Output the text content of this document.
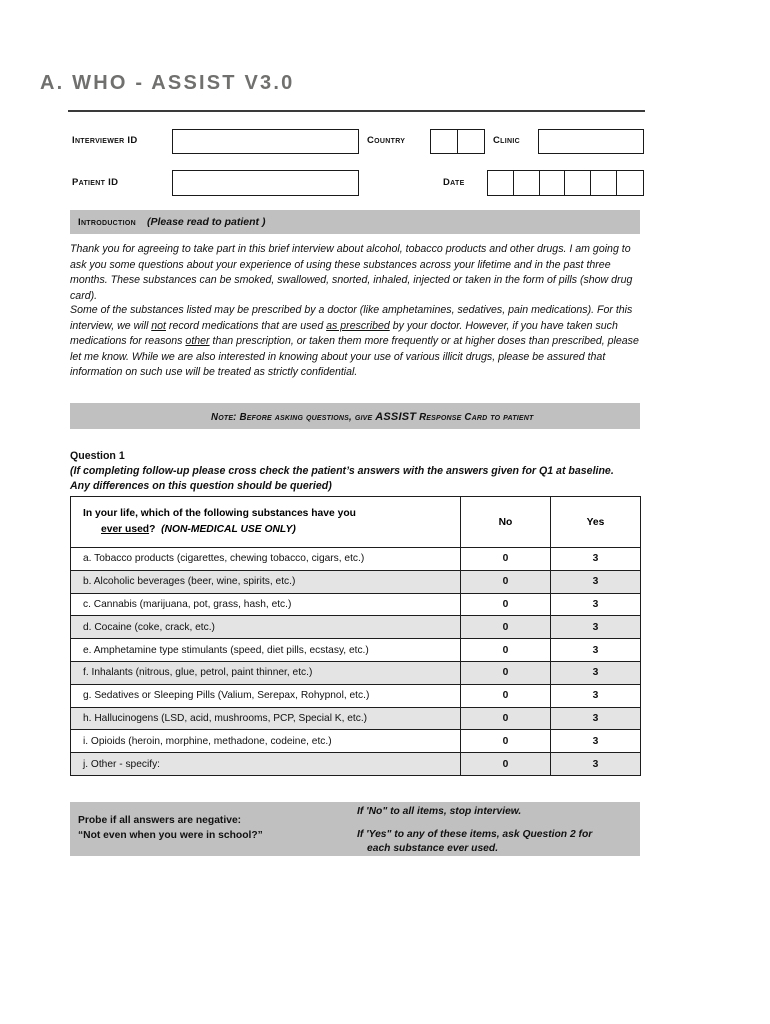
A. WHO - ASSIST V3.0
Interviewer ID	Country	Clinic
Patient ID	Date
Introduction (Please read to patient )
Thank you for agreeing to take part in this brief interview about alcohol, tobacco products and other drugs. I am going to ask you some questions about your experience of using these substances across your lifetime and in the past three months. These substances can be smoked, swallowed, snorted, inhaled, injected or taken in the form of pills (show drug card).
Some of the substances listed may be prescribed by a doctor (like amphetamines, sedatives, pain medications). For this interview, we will not record medications that are used as prescribed by your doctor. However, if you have taken such medications for reasons other than prescription, or taken them more frequently or at higher doses than prescribed, please let me know. While we are also interested in knowing about your use of various illicit drugs, please be assured that information on such use will be treated as strictly confidential.
Note: Before asking questions, give ASSIST Response Card to patient
Question 1
(If completing follow-up please cross check the patient’s answers with the answers given for Q1 at baseline. Any differences on this question should be queried)
In your life, which of the following substances have you
ever used? (NON-MEDICAL USE ONLY)	No	Yes
a. Tobacco products (cigarettes, chewing tobacco, cigars, etc.)	0	3
b. Alcoholic beverages (beer, wine, spirits, etc.)	0	3
c. Cannabis (marijuana, pot, grass, hash, etc.)	0	3
d. Cocaine (coke, crack, etc.)	0	3
e. Amphetamine type stimulants (speed, diet pills, ecstasy, etc.)	0	3
f. Inhalants (nitrous, glue, petrol, paint thinner, etc.)	0	3
g. Sedatives or Sleeping Pills (Valium, Serepax, Rohypnol, etc.)	0	3
h. Hallucinogens (LSD, acid, mushrooms, PCP, Special K, etc.)	0	3
i. Opioids (heroin, morphine, methadone, codeine, etc.)	0	3
j. Other - specify:	0	3
Probe if all answers are negative:
“Not even when you were in school?”
If 'No" to all items, stop interview.
If 'Yes" to any of these items, ask Question 2 for
each substance ever used.
